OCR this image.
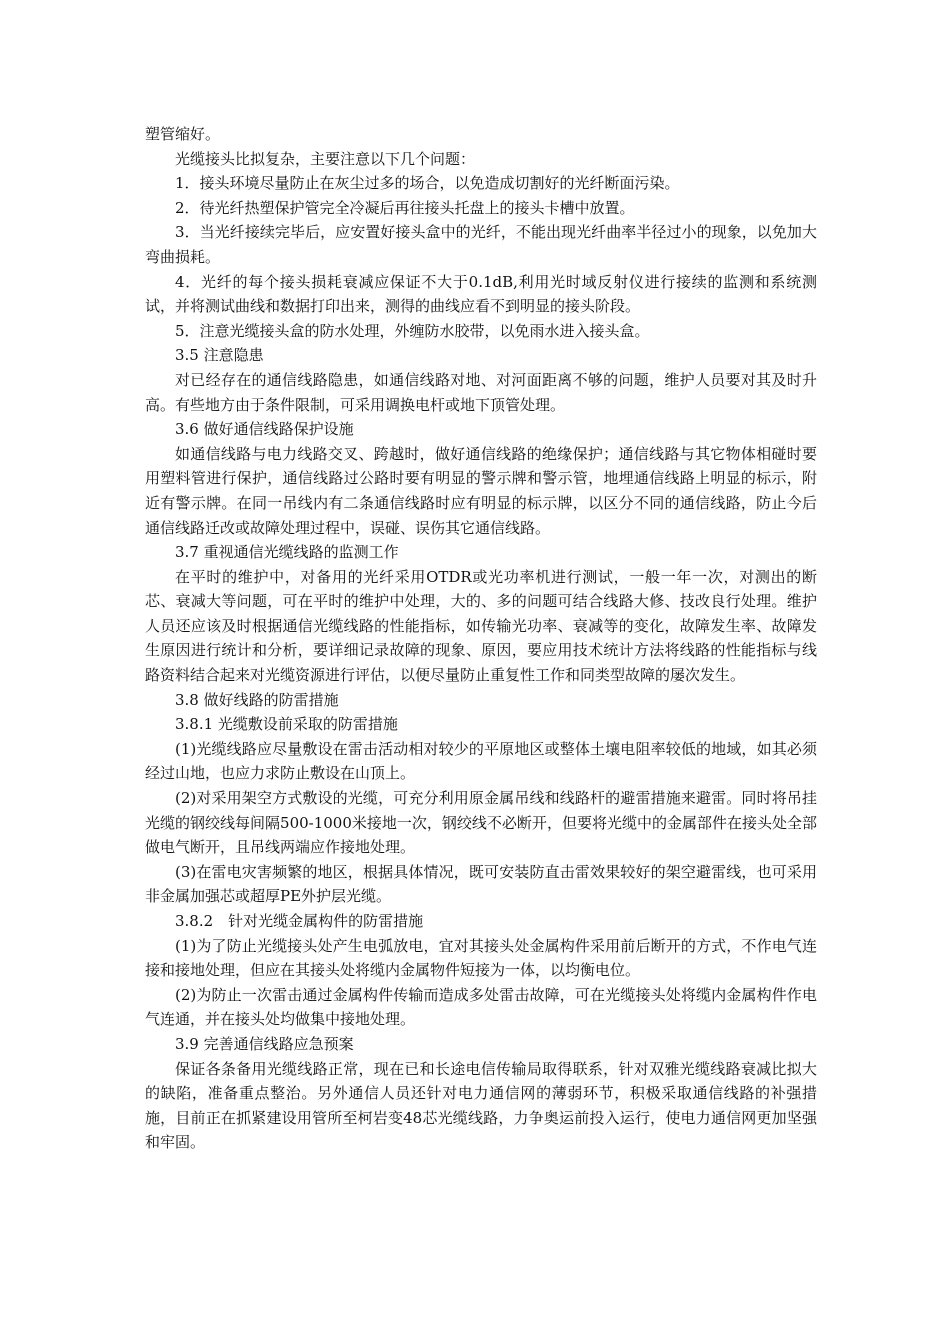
塑管缩好。

光缆接头比拟复杂，主要注意以下几个问题：

1．接头环境尽量防止在灰尘过多的场合，以免造成切割好的光纤断面污染。

2．待光纤热塑保护管完全冷凝后再往接头托盘上的接头卡槽中放置。

3．当光纤接续完毕后，应安置好接头盒中的光纤，不能出现光纤曲率半径过小的现象，以免加大弯曲损耗。

4．光纤的每个接头损耗衰减应保证不大于0.1dB,利用光时域反射仪进行接续的监测和系统测试，并将测试曲线和数据打印出来，测得的曲线应看不到明显的接头阶段。

5．注意光缆接头盒的防水处理，外缠防水胶带，以免雨水进入接头盒。

3.5 注意隐患

对已经存在的通信线路隐患，如通信线路对地、对河面距离不够的问题，维护人员要对其及时升高。有些地方由于条件限制，可采用调换电杆或地下顶管处理。

3.6 做好通信线路保护设施

如通信线路与电力线路交叉、跨越时，做好通信线路的绝缘保护；通信线路与其它物体相碰时要用塑料管进行保护，通信线路过公路时要有明显的警示牌和警示管，地埋通信线路上明显的标示，附近有警示牌。在同一吊线内有二条通信线路时应有明显的标示牌，以区分不同的通信线路，防止今后通信线路迁改或故障处理过程中，误碰、误伤其它通信线路。

3.7 重视通信光缆线路的监测工作

在平时的维护中，对备用的光纤采用OTDR或光功率机进行测试，一般一年一次，对测出的断芯、衰减大等问题，可在平时的维护中处理，大的、多的问题可结合线路大修、技改良行处理。维护人员还应该及时根据通信光缆线路的性能指标，如传输光功率、衰减等的变化，故障发生率、故障发生原因进行统计和分析，要详细记录故障的现象、原因，要应用技术统计方法将线路的性能指标与线路资料结合起来对光缆资源进行评估，以便尽量防止重复性工作和同类型故障的屡次发生。

3.8 做好线路的防雷措施

3.8.1 光缆敷设前采取的防雷措施

(1)光缆线路应尽量敷设在雷击活动相对较少的平原地区或整体土壤电阻率较低的地域，如其必须经过山地，也应力求防止敷设在山顶上。

(2)对采用架空方式敷设的光缆，可充分利用原金属吊线和线路杆的避雷措施来避雷。同时将吊挂光缆的钢绞线每间隔500-1000米接地一次，钢绞线不必断开，但要将光缆中的金属部件在接头处全部做电气断开，且吊线两端应作接地处理。

(3)在雷电灾害频繁的地区，根据具体情况，既可安装防直击雷效果较好的架空避雷线，也可采用非金属加强芯或超厚PE外护层光缆。

3.8.2　针对光缆金属构件的防雷措施

(1)为了防止光缆接头处产生电弧放电，宜对其接头处金属构件采用前后断开的方式，不作电气连接和接地处理，但应在其接头处将缆内金属物件短接为一体，以均衡电位。

(2)为防止一次雷击通过金属构件传输而造成多处雷击故障，可在光缆接头处将缆内金属构件作电气连通，并在接头处均做集中接地处理。

3.9 完善通信线路应急预案

保证各条备用光缆线路正常，现在已和长途电信传输局取得联系，针对双雅光缆线路衰减比拟大的缺陷，准备重点整治。另外通信人员还针对电力通信网的薄弱环节，积极采取通信线路的补强措施，目前正在抓紧建设用管所至柯岩变48芯光缆线路，力争奥运前投入运行，使电力通信网更加坚强和牢固。
